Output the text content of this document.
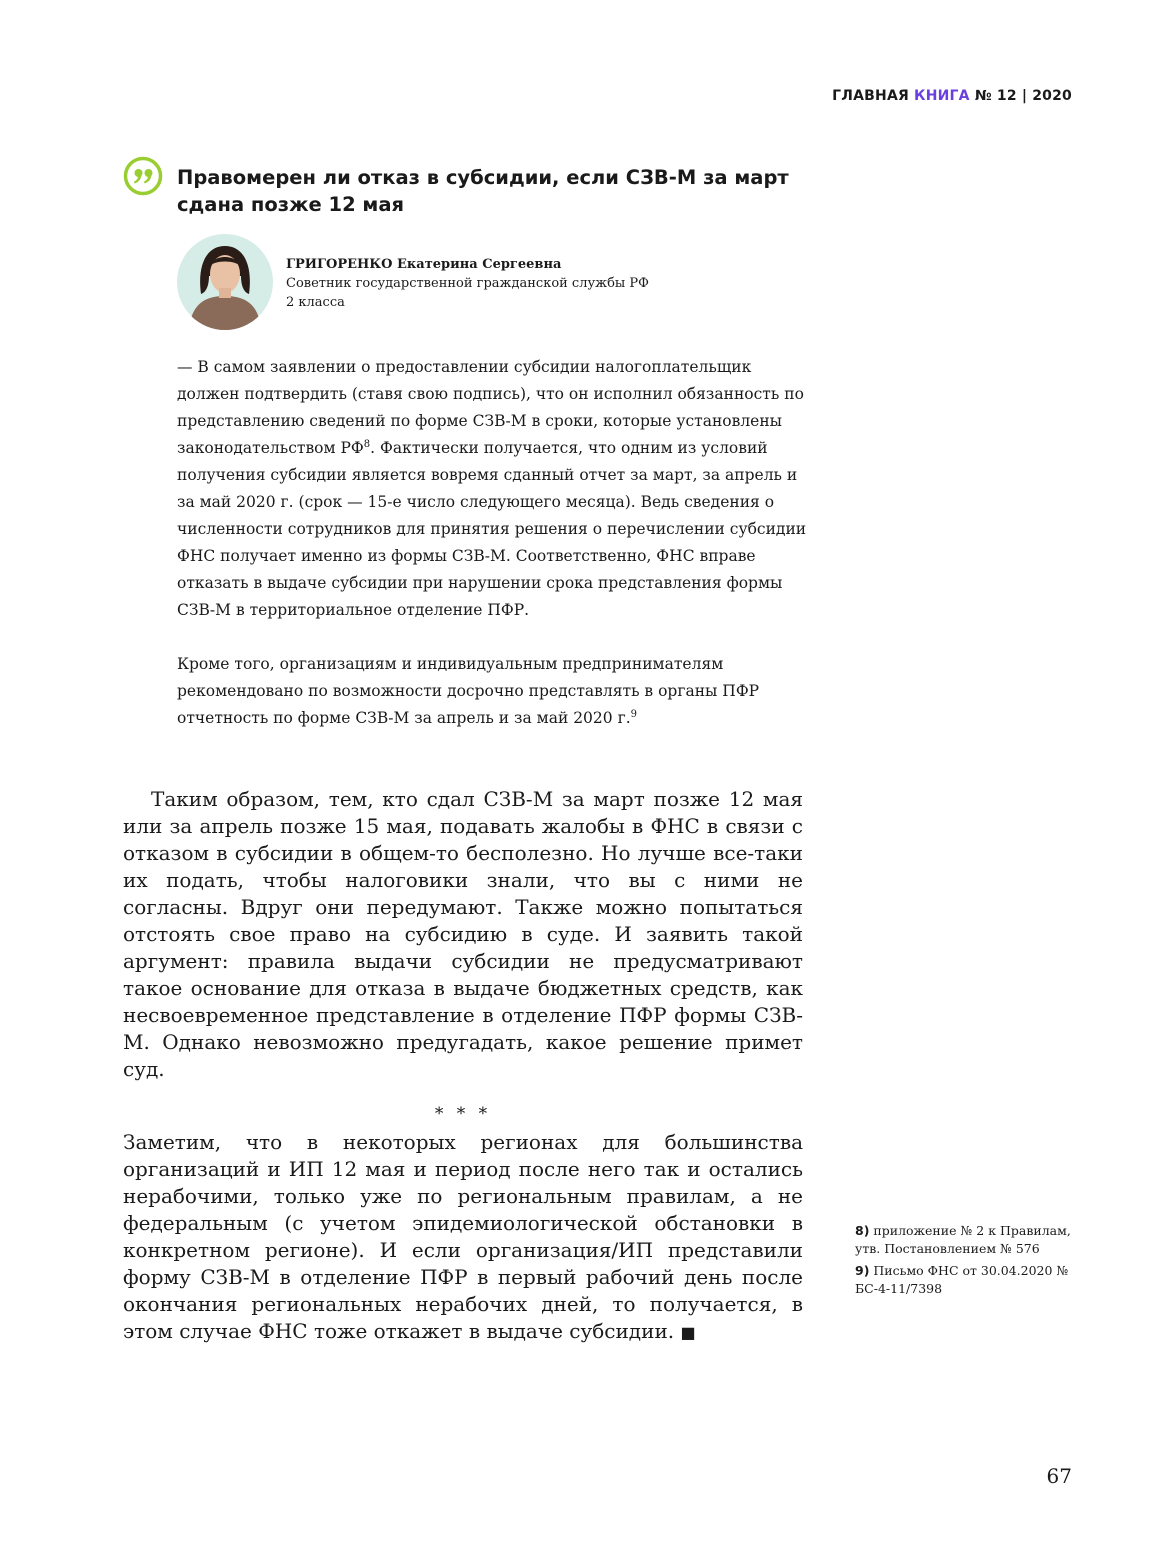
ГЛАВНАЯ КНИГА № 12 | 2020
Правомерен ли отказ в субсидии, если СЗВ-М за март сдана позже 12 мая
ГРИГОРЕНКО Екатерина Сергеевна
Советник государственной гражданской службы РФ
2 класса

— В самом заявлении о предоставлении субсидии налогоплательщик должен подтвердить (ставя свою подпись), что он исполнил обязанность по представлению сведений по форме СЗВ-М в сроки, которые установлены законодательством $РФ^8$. Фактически получается, что одним из условий получения субсидии является вовремя сданный отчет за март, за апрель и за май 2020 г. (срок — 15-е число следующего месяца). Ведь сведения о численности сотрудников для принятия решения о перечислении субсидии ФНС получает именно из формы СЗВ-М. Соответственно, ФНС вправе отказать в выдаче субсидии при нарушении срока представления формы СЗВ-М в территориальное отделение ПФР.

Кроме того, организациям и индивидуальным предпринимателям рекомендовано по возможности досрочно представлять в органы ПФР отчетность по форме СЗВ-М за апрель и за май 2020 г.$^9$

Таким образом, тем, кто сдал СЗВ-М за март позже 12 мая или за апрель позже 15 мая, подавать жалобы в ФНС в связи с отказом в субсидии в общем-то бесполезно. Но лучше все-таки их подать, чтобы налоговики знали, что вы с ними не согласны. Вдруг они передумают. Также можно попытаться отстоять свое право на субсидию в суде. И заявить такой аргумент: правила выдачи субсидии не предусматривают такое основание для отказа в выдаче бюджетных средств, как несвоевременное представление в отделение ПФР формы СЗВ-М. Однако невозможно предугадать, какое решение примет суд.

* * *

Заметим, что в некоторых регионах для большинства организаций и ИП 12 мая и период после него так и остались нерабочими, только уже по региональным правилам, а не федеральным (с учетом эпидемиологической обстановки в конкретном регионе). И если организация/ИП представили форму СЗВ-М в отделение ПФР в первый рабочий день после окончания региональных нерабочих дней, то получается, в этом случае ФНС тоже откажет в выдаче субсидии. ■

8) приложение № 2 к Правилам, утв. Постановлением № 576
9) Письмо ФНС от 30.04.2020 № БС-4-11/7398
67
